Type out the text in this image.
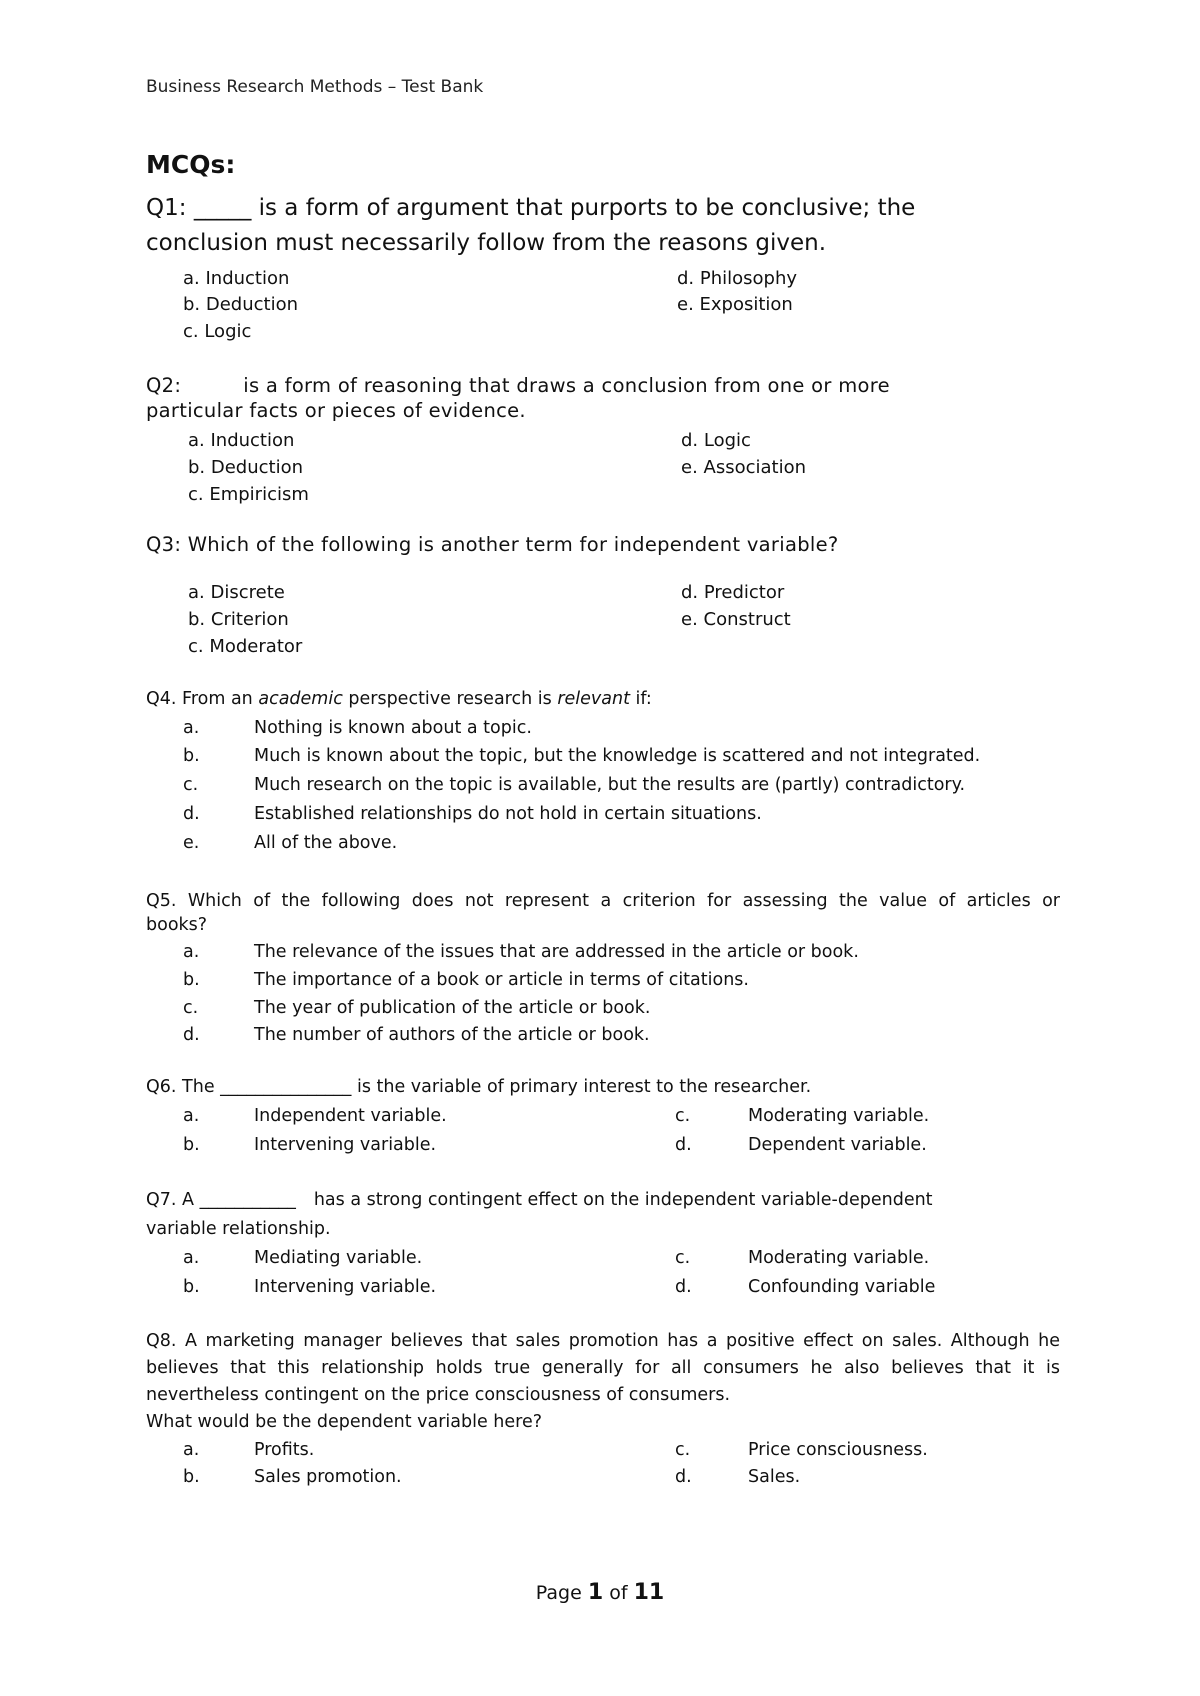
Business Research Methods – Test Bank
MCQs:
Q1: _____ is a form of argument that purports to be conclusive; the
conclusion must necessarily follow from the reasons given.
a. Induction
b. Deduction
c. Logic
d. Philosophy
e. Exposition
Q2:	is a form of reasoning that draws a conclusion from one or more
particular facts or pieces of evidence.
a. Induction
b. Deduction
c. Empiricism
d. Logic
e. Association
Q3: Which of the following is another term for independent variable?
a. Discrete
b. Criterion
c. Moderator
d. Predictor
e. Construct
Q4. From an academic perspective research is relevant if:
a.	Nothing is known about a topic.
b.	Much is known about the topic, but the knowledge is scattered and not integrated.
c.	Much research on the topic is available, but the results are (partly) contradictory.
d.	Established relationships do not hold in certain situations.
e.	All of the above.
Q5. Which of the following does not represent a criterion for assessing the value of articles or
books?
a.	The relevance of the issues that are addressed in the article or book.
b.	The importance of a book or article in terms of citations.
c.	The year of publication of the article or book.
d.	The number of authors of the article or book.
Q6. The _______________ is the variable of primary interest to the researcher.
a.	Independent variable.
b.	Intervening variable.
c.	Moderating variable.
d.	Dependent variable.
Q7. A ___________ has a strong contingent effect on the independent variable-dependent
variable relationship.
a.	Mediating variable.
b.	Intervening variable.
c.	Moderating variable.
d.	Confounding variable
Q8. A marketing manager believes that sales promotion has a positive effect on sales. Although he
believes that this relationship holds true generally for all consumers he also believes that it is
nevertheless contingent on the price consciousness of consumers.
What would be the dependent variable here?
a.	Profits.
b.	Sales promotion.
c.	Price consciousness.
d.	Sales.
Page 1 of 11
